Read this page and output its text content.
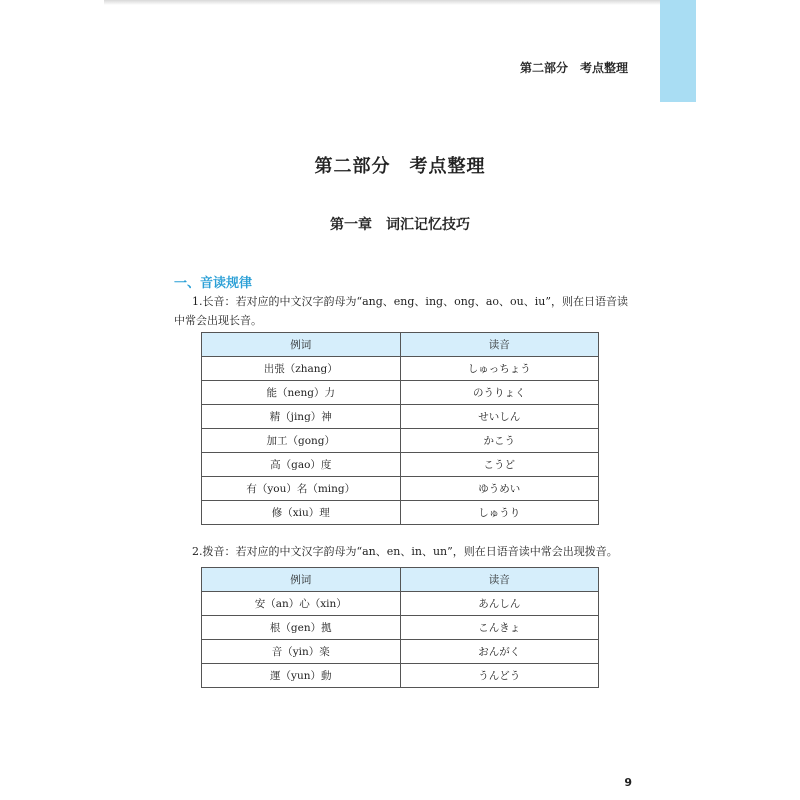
第二部分　考点整理
第二部分　考点整理
第一章　词汇记忆技巧
一、音读规律
1.长音：若对应的中文汉字韵母为“ang、eng、ing、ong、ao、ou、iu”，则在日语音读中常会出现长音。
例词	读音
出張（zhang）	しゅっちょう
能（neng）力	のうりょく
精（jing）神	せいしん
加工（gong）	かこう
高（gao）度	こうど
有（you）名（ming）	ゆうめい
修（xiu）理	しゅうり
2.拨音：若对应的中文汉字韵母为“an、en、in、un”，则在日语音读中常会出现拨音。
例词	读音
安（an）心（xin）	あんしん
根（gen）拠	こんきょ
音（yin）楽	おんがく
運（yun）動	うんどう
9
